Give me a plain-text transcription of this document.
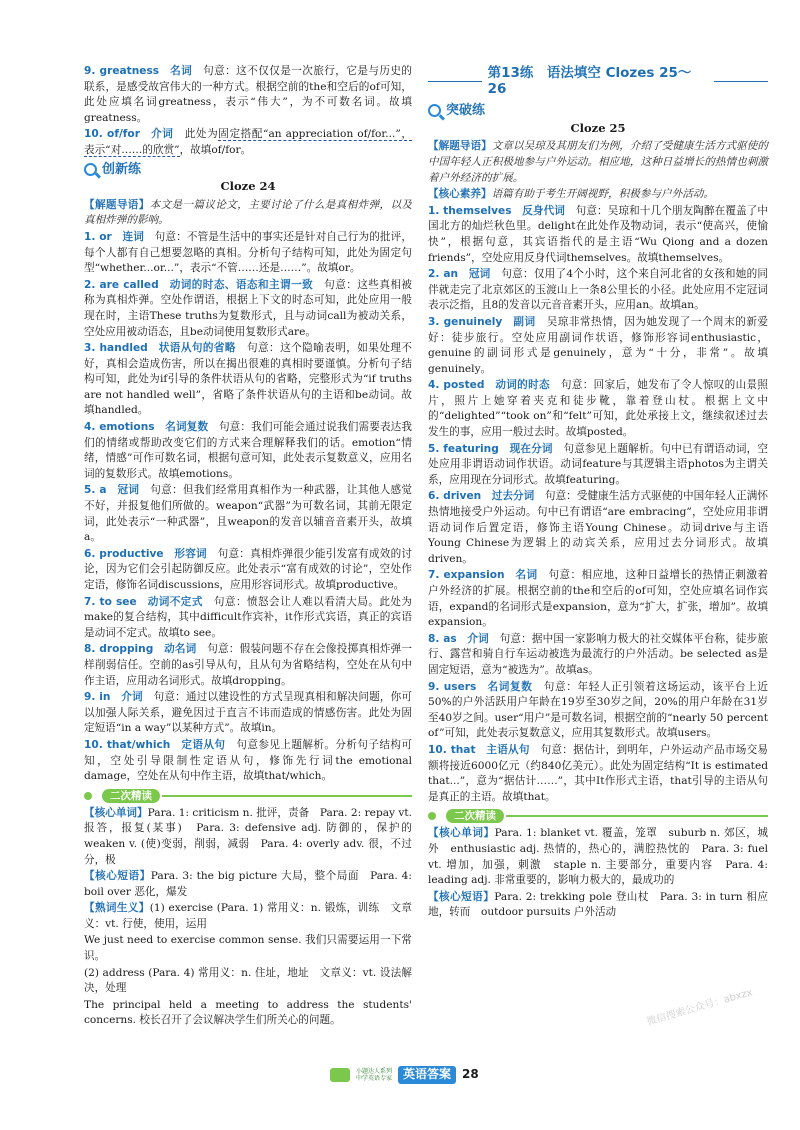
9. greatness  名词  句意：这不仅仅是一次旅行，它是与历史的联系，是感受故宫伟大的一种方式。根据空前的the和空后的of可知，此处应填名词greatness，表示“伟大”，为不可数名词。故填greatness。

10. of/for  介词  此处为固定搭配“an appreciation of/for...”，表示“对……的欣赏”，故填of/for。

创新练
Cloze 24

【解题导语】本文是一篇议论文，主要讨论了什么是真相炸弹，以及真相炸弹的影响。

1. or  连词  句意：不管是生活中的事实还是针对自己行为的批评，每个人都有自己想要忽略的真相。分析句子结构可知，此处为固定句型“whether...or...”，表示“不管……还是……”。故填or。

2. are called  动词的时态、语态和主谓一致  句意：这些真相被称为真相炸弹。空处作谓语，根据上下文的时态可知，此处应用一般现在时，主语These truths为复数形式，且与动词call为被动关系，空处应用被动语态，且be动词使用复数形式are。

3. handled  状语从句的省略  句意：这个隐喻表明，如果处理不好，真相会造成伤害，所以在揭出很难的真相时要谨慎。分析句子结构可知，此处为if引导的条件状语从句的省略，完整形式为“if truths are not handled well”，省略了条件状语从句的主语和be动词。故填handled。

4. emotions  名词复数  句意：我们可能会通过说我们需要表达我们的情绪或帮助改变它们的方式来合理解释我们的话。emotion“情绪，情感”可作可数名词，根据句意可知，此处表示复数意义，应用名词的复数形式。故填emotions。

5. a  冠词  句意：但我们经常用真相作为一种武器，让其他人感觉不好，并报复他们所做的。weapon“武器”为可数名词，其前无限定词，此处表示“一种武器”，且weapon的发音以辅音音素开头，故填a。

6. productive  形容词  句意：真相炸弹很少能引发富有成效的讨论，因为它们会引起防御反应。此处表示“富有成效的讨论”，空处作定语，修饰名词discussions，应用形容词形式。故填productive。

7. to see  动词不定式  句意：愤怒会让人难以看清大局。此处为make的复合结构，其中difficult作宾补，it作形式宾语，真正的宾语是动词不定式。故填to see。

8. dropping  动名词  句意：假装问题不存在会像投掷真相炸弹一样削弱信任。空前的as引导从句，且从句为省略结构，空处在从句中作主语，应用动名词形式。故填dropping。

9. in  介词  句意：通过以建设性的方式呈现真相和解决问题，你可以加强人际关系，避免因过于直言不讳而造成的情感伤害。此处为固定短语“in a way”以某种方式”。故填in。

10. that/which  定语从句  句意参见上题解析。分析句子结构可知，空处引导限制性定语从句，修饰先行词the emotional damage，空处在从句中作主语，故填that/which。

二次精读

【核心单词】Para. 1: criticism n. 批评，责备　Para. 2: repay vt. 报答，报复(某事)　Para. 3: defensive adj. 防御的，保护的　weaken v. (使)变弱，削弱，减弱　Para. 4: overly adv. 很，不过分，极

【核心短语】Para. 3: the big picture 大局，整个局面　Para. 4: boil over 恶化，爆发

【熟词生义】(1) exercise (Para. 1) 常用义：n. 锻炼，训练　文章义：vt. 行使，使用，运用

We just need to exercise common sense. 我们只需要运用一下常识。

(2) address (Para. 4) 常用义：n. 住址，地址　文章义：vt. 设法解决，处理

The principal held a meeting to address the students' concerns. 校长召开了会议解决学生们所关心的问题。

第13练　语法填空 Clozes 25～26
突破练
Cloze 25

【解题导语】文章以吴琼及其朋友们为例，介绍了受健康生活方式驱使的中国年轻人正积极地参与户外运动。相应地，这种日益增长的热情也刺激着户外经济的扩展。

【核心素养】语篇有助于考生开阔视野，积极参与户外活动。

1. themselves  反身代词  句意：吴琼和十几个朋友陶醉在覆盖了中国北方的灿烂秋色里。delight在此处作及物动词，表示“使高兴，使愉快”，根据句意，其宾语指代的是主语“Wu Qiong and a dozen friends”，空处应用反身代词themselves。故填themselves。

2. an  冠词  句意：仅用了4个小时，这个来自河北省的女孩和她的同伴就走完了北京郊区的玉渡山上一条8公里长的小径。此处应用不定冠词表示泛指，且8的发音以元音音素开头，应用an。故填an。

3. genuinely  副词  吴琼非常热情，因为她发现了一个周末的新爱好：徒步旅行。空处应用副词作状语，修饰形容词enthusiastic，genuine的副词形式是genuinely，意为“十分，非常”。故填genuinely。

4. posted  动词的时态  句意：回家后，她发布了令人惊叹的山景照片，照片上她穿着夹克和徒步靴，靠着登山杖。根据上文中的“delighted”“took on”和“felt”可知，此处承接上文，继续叙述过去发生的事，应用一般过去时。故填posted。

5. featuring  现在分词  句意参见上题解析。句中已有谓语动词，空处应用非谓语动词作状语。动词feature与其逻辑主语photos为主谓关系，应用现在分词形式。故填featuring。

6. driven  过去分词  句意：受健康生活方式驱使的中国年轻人正满怀热情地接受户外运动。句中已有谓语“are embracing”，空处应用非谓语动词作后置定语，修饰主语Young Chinese。动词drive与主语Young Chinese为逻辑上的动宾关系，应用过去分词形式。故填driven。

7. expansion  名词  句意：相应地，这种日益增长的热情正刺激着户外经济的扩展。根据空前的the和空后的of可知，空处应填名词作宾语，expand的名词形式是expansion，意为“扩大，扩张，增加”。故填expansion。

8. as  介词  句意：据中国一家影响力极大的社交媒体平台称，徒步旅行、露营和骑自行车运动被选为最流行的户外活动。be selected as是固定短语，意为“被选为”。故填as。

9. users  名词复数  句意：年轻人正引领着这场运动，该平台上近50%的户外活跃用户年龄在19岁至30岁之间，20%的用户年龄在31岁至40岁之间。user“用户”是可数名词，根据空前的“nearly 50 percent of”可知，此处表示复数意义，应用其复数形式。故填users。

10. that  主语从句  句意：据估计，到明年，户外运动产品市场交易额将接近6000亿元（约840亿美元）。此处为固定结构“It is estimated that...”，意为“据估计……”，其中It作形式主语，that引导的主语从句是真正的主语。故填that。

二次精读

【核心单词】Para. 1: blanket vt. 覆盖，笼罩　suburb n. 郊区，城外　enthusiastic adj. 热情的，热心的，满腔热忱的　Para. 3: fuel vt. 增加，加强，刺激　staple n. 主要部分，重要内容　Para. 4: leading adj. 非常重要的，影响力极大的，最成功的

【核心短语】Para. 2: trekking pole 登山杖　Para. 3: in turn 相应地，转而　outdoor pursuits 户外活动

微信搜索公众号：abxzx
小题达人系列
中学英语专家 英语答案 28
